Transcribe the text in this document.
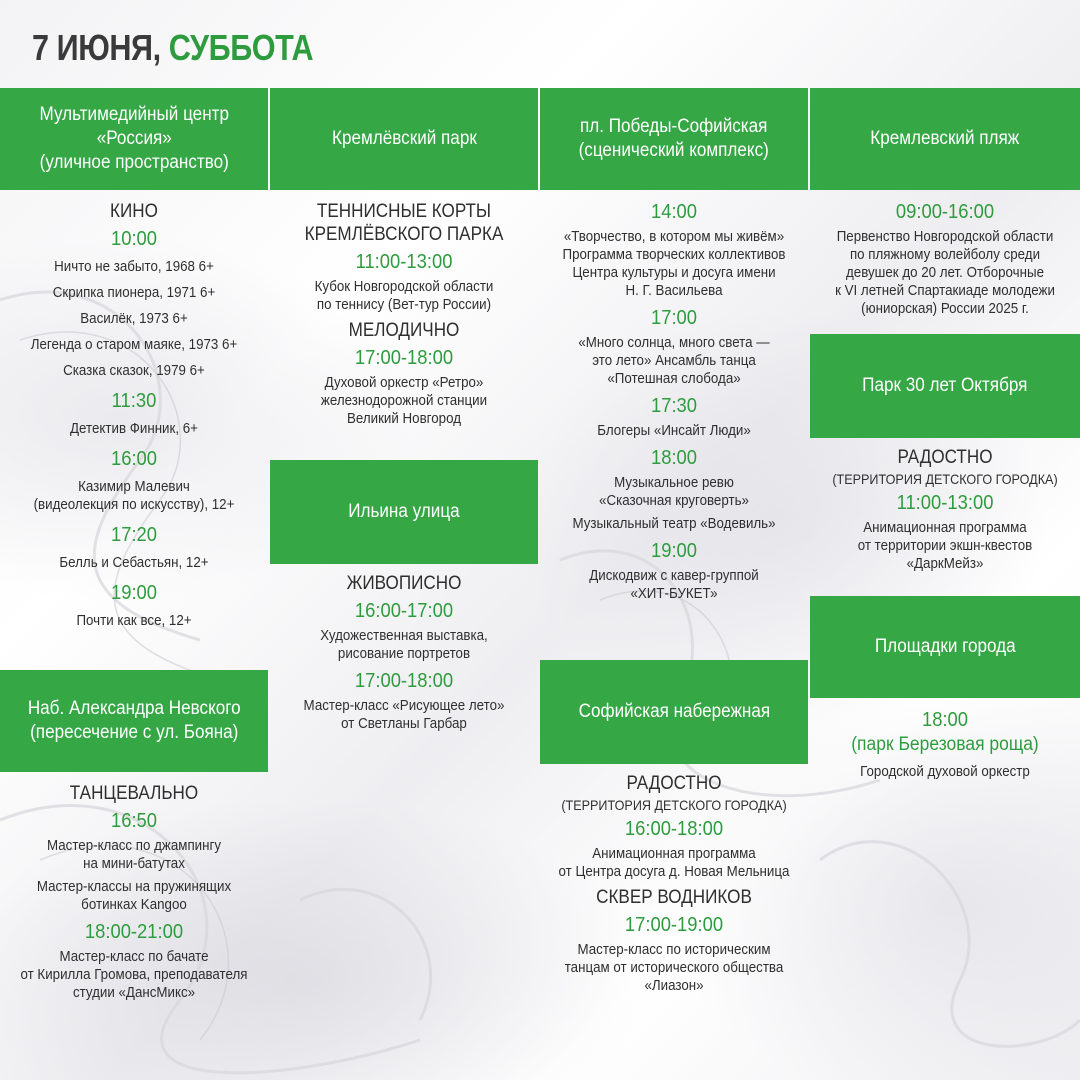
7 ИЮНЯ, СУББОТА
Мультимедийный центр
«Россия»
(уличное пространство)
КИНО
10:00
Ничто не забыто, 1968 6+
Скрипка пионера, 1971 6+
Василёк, 1973 6+
Легенда о старом маяке, 1973 6+
Сказка сказок, 1979 6+
11:30
Детектив Финник, 6+
16:00
Казимир Малевич
(видеолекция по искусству), 12+
17:20
Белль и Себастьян, 12+
19:00
Почти как все, 12+
Наб. Александра Невского
(пересечение с ул. Бояна)
ТАНЦЕВАЛЬНО
16:50
Мастер-класс по джампингу
на мини-батутах
Мастер-классы на пружинящих
ботинках Kangoo
18:00-21:00
Мастер-класс по бачате
от Кирилла Громова, преподавателя
студии «ДансМикс»
Кремлёвский парк
ТЕННИСНЫЕ КОРТЫ
КРЕМЛЁВСКОГО ПАРКА
11:00-13:00
Кубок Новгородской области
по теннису (Вет-тур России)
МЕЛОДИЧНО
17:00-18:00
Духовой оркестр «Ретро»
железнодорожной станции
Великий Новгород
Ильина улица
ЖИВОПИСНО
16:00-17:00
Художественная выставка,
рисование портретов
17:00-18:00
Мастер-класс «Рисующее лето»
от Светланы Гарбар
пл. Победы-Софийская
(сценический комплекс)
14:00
«Творчество, в котором мы живём»
Программа творческих коллективов
Центра культуры и досуга имени
Н. Г. Васильева
17:00
«Много солнца, много света —
это лето» Ансамбль танца
«Потешная слобода»
17:30
Блогеры «Инсайт Люди»
18:00
Музыкальное ревю
«Сказочная круговерть»
Музыкальный театр «Водевиль»
19:00
Дискодвиж с кавер-группой
«ХИТ-БУКЕТ»
Софийская набережная
РАДОСТНО
(ТЕРРИТОРИЯ ДЕТСКОГО ГОРОДКА)
16:00-18:00
Анимационная программа
от Центра досуга д. Новая Мельница
СКВЕР ВОДНИКОВ
17:00-19:00
Мастер-класс по историческим
танцам от исторического общества
«Лиазон»
Кремлевский пляж
09:00-16:00
Первенство Новгородской области
по пляжному волейболу среди
девушек до 20 лет. Отборочные
к VI летней Спартакиаде молодежи
(юниорская) России 2025 г.
Парк 30 лет Октября
РАДОСТНО
(ТЕРРИТОРИЯ ДЕТСКОГО ГОРОДКА)
11:00-13:00
Анимационная программа
от территории экшн-квестов
«ДаркМейз»
Площадки города
18:00
(парк Березовая роща)
Городской духовой оркестр
